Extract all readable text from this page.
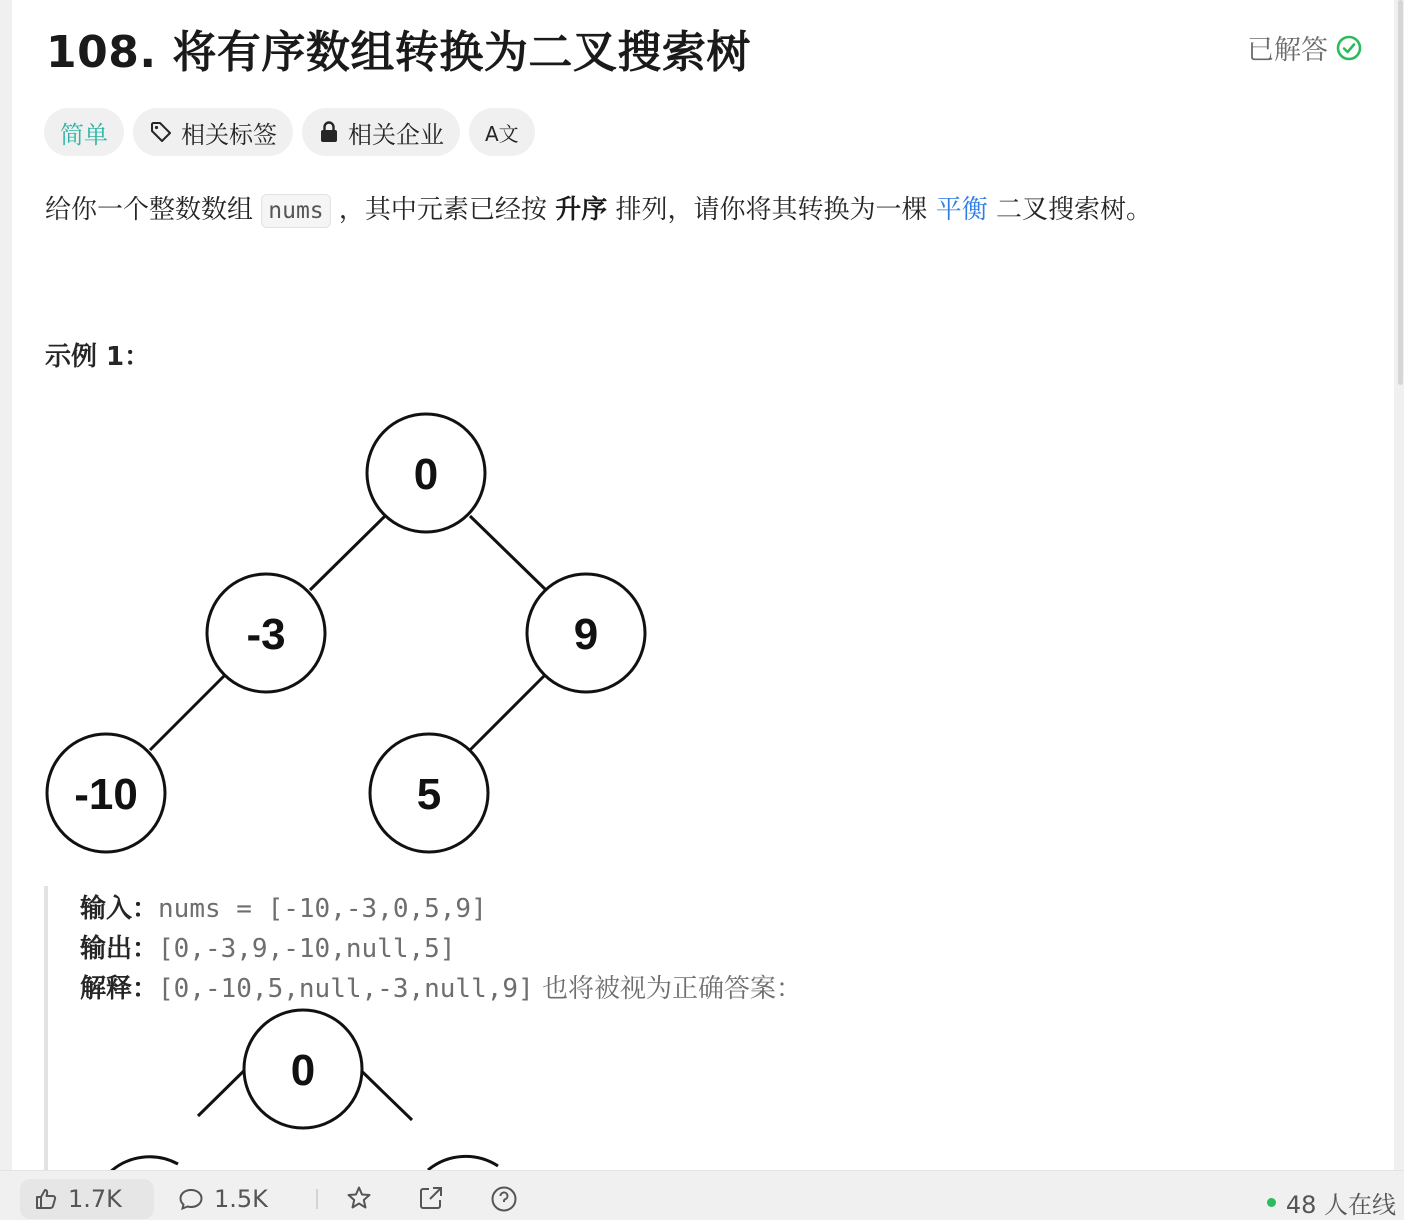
108. 将有序数组转换为二叉搜索树	已解答
简单	相关标签	相关企业 A文

给你一个整数数组 nums ，其中元素已经按 升序 排列，请你将其转换为一棵 平衡 二叉搜索树。

示例 1：

0
-3	9
-10	5
输入：nums = [-10,-3,0,5,9]
输出：[0,-3,9,-10,null,5]
解释：[0,-10,5,null,-3,null,9] 也将被视为正确答案：
0
1.7K	1.5K	48 人在线
